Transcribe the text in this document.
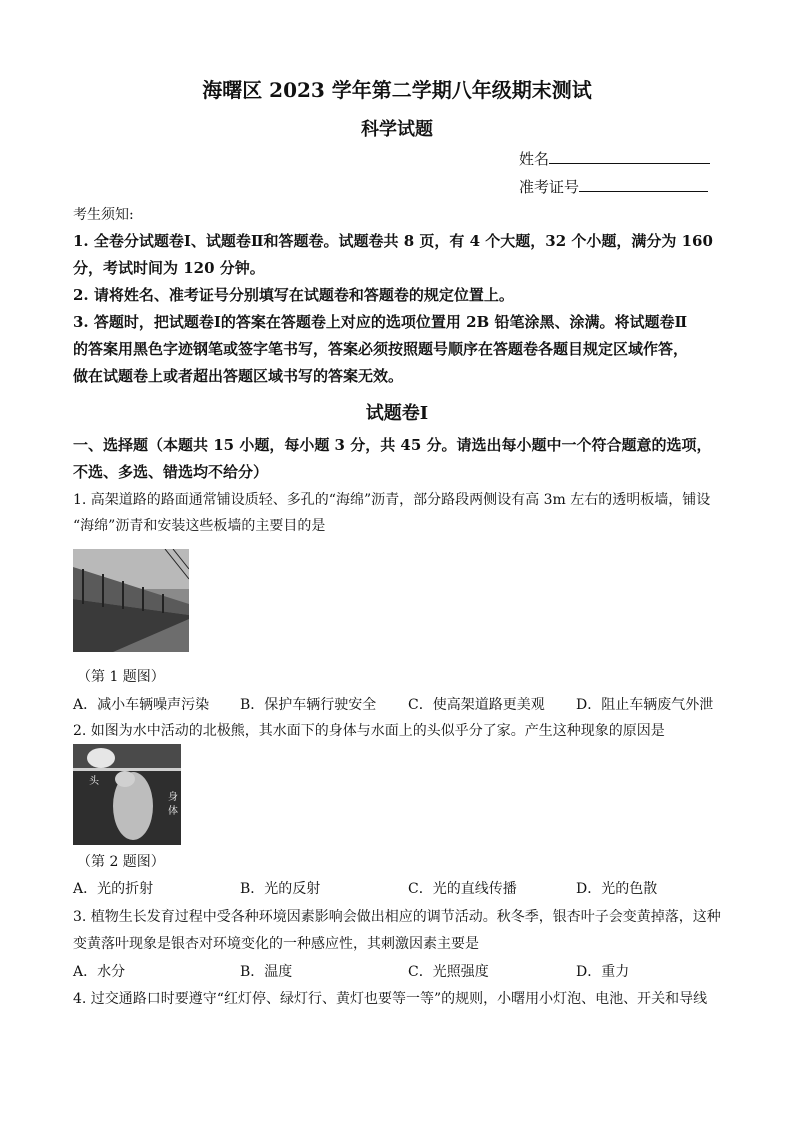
海曙区 2023 学年第二学期八年级期末测试
科学试题
姓名
准考证号
考生须知:
1. 全卷分试题卷Ⅰ、试题卷Ⅱ和答题卷。试题卷共 8 页，有 4 个大题，32 个小题，满分为 160
分，考试时间为 120 分钟。
2. 请将姓名、准考证号分别填写在试题卷和答题卷的规定位置上。
3. 答题时，把试题卷Ⅰ的答案在答题卷上对应的选项位置用 2B 铅笔涂黑、涂满。将试题卷Ⅱ
的答案用黑色字迹钢笔或签字笔书写，答案必须按照题号顺序在答题卷各题目规定区域作答，
做在试题卷上或者超出答题区域书写的答案无效。
试题卷Ⅰ
一、选择题（本题共 15 小题，每小题 3 分，共 45 分。请选出每小题中一个符合题意的选项，
不选、多选、错选均不给分）
1. 高架道路的路面通常铺设质轻、多孔的“海绵”沥青，部分路段两侧设有高 3m 左右的透明板墙，铺设
“海绵”沥青和安装这些板墙的主要目的是
（第 1 题图）
A．减小车辆噪声污染 B．保护车辆行驶安全 C．使高架道路更美观 D．阻止车辆废气外泄
2. 如图为水中活动的北极熊，其水面下的身体与水面上的头似乎分了家。产生这种现象的原因是
头
身
体
（第 2 题图）
A．光的折射	B．光的反射	C．光的直线传播	D．光的色散
3. 植物生长发育过程中受各种环境因素影响会做出相应的调节活动。秋冬季，银杏叶子会变黄掉落，这种
变黄落叶现象是银杏对环境变化的一种感应性，其刺激因素主要是
A．水分	B．温度	C．光照强度	D．重力
4. 过交通路口时要遵守“红灯停、绿灯行、黄灯也要等一等”的规则，小曙用小灯泡、电池、开关和导线
